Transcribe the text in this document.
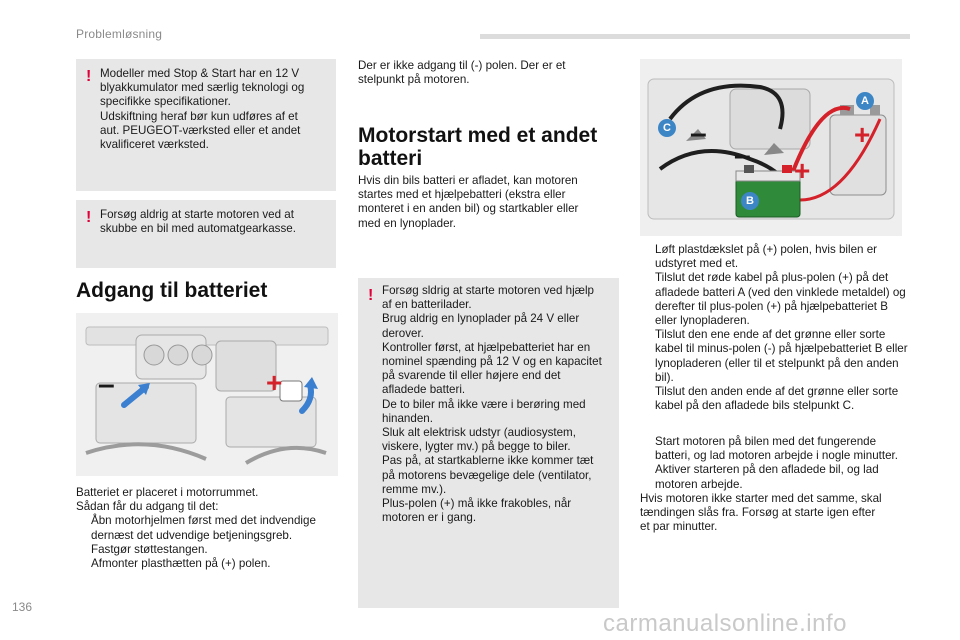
Problemløsning
! Modeller med Stop & Start har en 12 V

blyakkumulator med særlig teknologi og

specifikke specifikationer.

Udskiftning heraf bør kun udføres af et

aut. PEUGEOT-værksted eller et andet

kvalificeret værksted.

! Forsøg aldrig at starte motoren ved at

skubbe en bil med automatgearkasse.

Adgang til batteriet
–	+

Batteriet er placeret i motorrummet.

Sådan får du adgang til det:

Åbn motorhjelmen først med det indvendige dernæst det udvendige betjeningsgreb.
Fastgør støttestangen.
Afmonter plasthætten på (+) polen.

Der er ikke adgang til (-) polen. Der er et

stelpunkt på motoren.

Motorstart med et andet
batteri

Hvis din bils batteri er afladet, kan motoren

startes med et hjælpebatteri (ekstra eller

monteret i en anden bil) og startkabler eller

med en lynoplader.

! Forsøg sldrig at starte motoren ved hjælp

af en batterilader.

Brug aldrig en lynoplader på 24 V eller

derover.

Kontroller først, at hjælpebatteriet har en

nominel spænding på 12 V og en kapacitet

på svarende til eller højere end det

afladede batteri.

De to biler må ikke være i berøring med

hinanden.

Sluk alt elektrisk udstyr (audiosystem,

viskere, lygter mv.) på begge to biler.

Pas på, at startkablerne ikke kommer tæt

på motorens bevægelige dele (ventilator,

remme mv.).

Plus-polen (+) må ikke frakobles, når

motoren er i gang.

A
B
C –
–
+
+
Løft plastdækslet på (+) polen, hvis bilen er udstyret med et.
Tilslut det røde kabel på plus-polen (+) på det afladede batteri A (ved den vinklede metaldel) og derefter til plus-polen (+) på hjælpebatteriet B eller lynopladeren.
Tilslut den ene ende af det grønne eller sorte kabel til minus-polen (-) på hjælpebatteriet B eller lynopladeren (eller til et stelpunkt på den anden bil).
Tilslut den anden ende af det grønne eller sorte kabel på den afladede bils stelpunkt C.
Start motoren på bilen med det fungerende batteri, og lad motoren arbejde i nogle minutter.
Aktiver starteren på den afladede bil, og lad motoren arbejde.

Hvis motoren ikke starter med det samme, skal

tændingen slås fra. Forsøg at starte igen efter

et par minutter.

136
carmanualsonline.info
